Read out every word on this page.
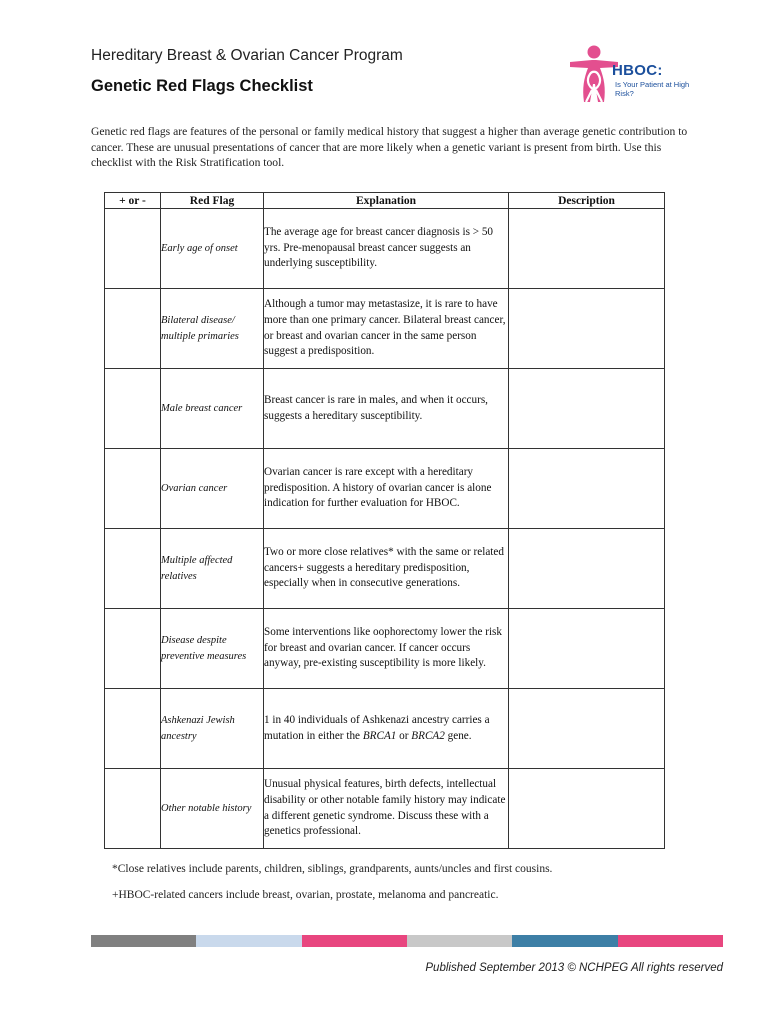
Hereditary Breast & Ovarian Cancer Program
Genetic Red Flags Checklist
HBOC:
Is Your Patient at High Risk?

Genetic red flags are features of the personal or family medical history that suggest a higher than average genetic contribution to cancer. These are unusual presentations of cancer that are more likely when a genetic variant is present from birth. Use this checklist with the Risk Stratification tool.

+ or -	Red Flag	Explanation	Description
	Early age of onset	The average age for breast cancer diagnosis is > 50 yrs. Pre-menopausal breast cancer suggests an underlying susceptibility.	
	Bilateral disease/ multiple primaries	Although a tumor may metastasize, it is rare to have more than one primary cancer. Bilateral breast cancer, or breast and ovarian cancer in the same person suggest a predisposition.	
	Male breast cancer	Breast cancer is rare in males, and when it occurs, suggests a hereditary susceptibility.	
	Ovarian cancer	Ovarian cancer is rare except with a hereditary predisposition. A history of ovarian cancer is alone indication for further evaluation for HBOC.	
	Multiple affected relatives	Two or more close relatives* with the same or related cancers+ suggests a hereditary predisposition, especially when in consecutive generations.	
	Disease despite preventive measures	Some interventions like oophorectomy lower the risk for breast and ovarian cancer. If cancer occurs anyway, pre-existing susceptibility is more likely.	
	Ashkenazi Jewish ancestry	1 in 40 individuals of Ashkenazi ancestry carries a mutation in either the BRCA1 or BRCA2 gene.	
	Other notable history	Unusual physical features, birth defects, intellectual disability or other notable family history may indicate a different genetic syndrome. Discuss these with a genetics professional.	

*Close relatives include parents, children, siblings, grandparents, aunts/uncles and first cousins.

+HBOC-related cancers include breast, ovarian, prostate, melanoma and pancreatic.

Published September 2013 © NCHPEG All rights reserved
